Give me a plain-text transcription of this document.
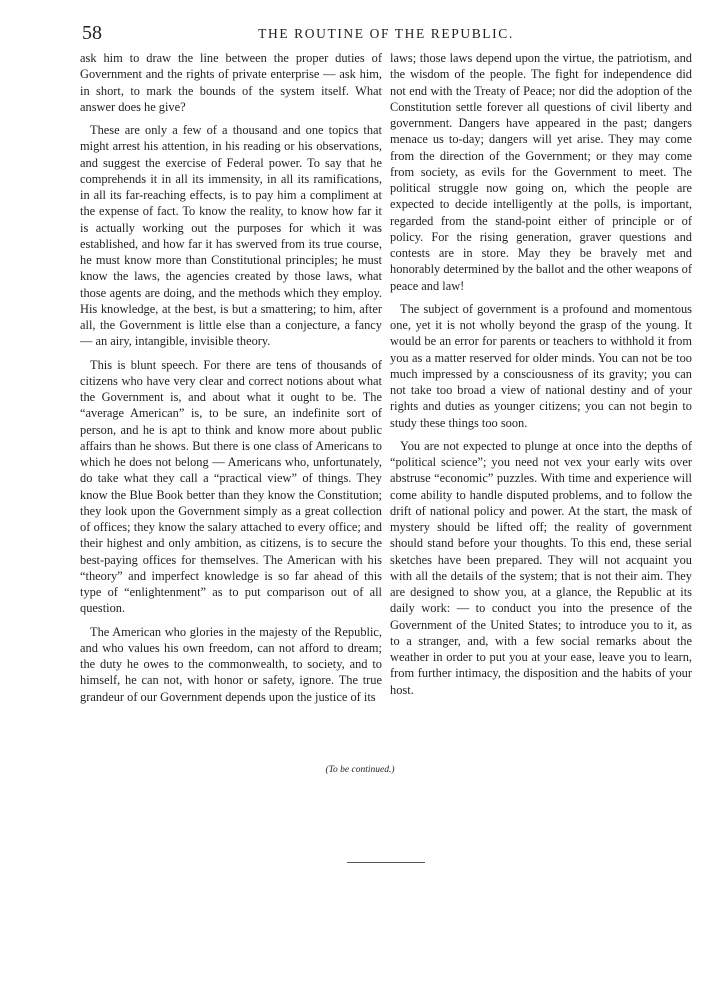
58	THE ROUTINE OF THE REPUBLIC.

ask him to draw the line between the proper duties of Government and the rights of private enterprise — ask him, in short, to mark the bounds of the system itself. What answer does he give?

These are only a few of a thousand and one topics that might arrest his attention, in his reading or his observations, and suggest the exercise of Federal power. To say that he comprehends it in all its immensity, in all its ramifications, in all its far-reaching effects, is to pay him a compliment at the expense of fact. To know the reality, to know how far it is actually working out the purposes for which it was established, and how far it has swerved from its true course, he must know more than Constitutional principles; he must know the laws, the agencies created by those laws, what those agents are doing, and the methods which they employ. His knowledge, at the best, is but a smattering; to him, after all, the Government is little else than a conjecture, a fancy — an airy, intangible, invisible theory.

This is blunt speech. For there are tens of thousands of citizens who have very clear and correct notions about what the Government is, and about what it ought to be. The “average American” is, to be sure, an indefinite sort of person, and he is apt to think and know more about public affairs than he shows. But there is one class of Americans to which he does not belong — Americans who, unfortunately, do take what they call a “practical view” of things. They know the Blue Book better than they know the Constitution; they look upon the Government simply as a great collection of offices; they know the salary attached to every office; and their highest and only ambition, as citizens, is to secure the best-paying offices for themselves. The American with his “theory” and imperfect knowledge is so far ahead of this type of “enlightenment” as to put comparison out of all question.

The American who glories in the majesty of the Republic, and who values his own freedom, can not afford to dream; the duty he owes to the commonwealth, to society, and to himself, he can not, with honor or safety, ignore. The true grandeur of our Government depends upon the justice of its

laws; those laws depend upon the virtue, the patriotism, and the wisdom of the people. The fight for independence did not end with the Treaty of Peace; nor did the adoption of the Constitution settle forever all questions of civil liberty and government. Dangers have appeared in the past; dangers menace us to-day; dangers will yet arise. They may come from the direction of the Government; or they may come from society, as evils for the Government to meet. The political struggle now going on, which the people are expected to decide intelligently at the polls, is important, regarded from the stand-point either of principle or of policy. For the rising generation, graver questions and contests are in store. May they be bravely met and honorably determined by the ballot and the other weapons of peace and law!

The subject of government is a profound and momentous one, yet it is not wholly beyond the grasp of the young. It would be an error for parents or teachers to withhold it from you as a matter reserved for older minds. You can not be too much impressed by a consciousness of its gravity; you can not take too broad a view of national destiny and of your rights and duties as younger citizens; you can not begin to study these things too soon.

You are not expected to plunge at once into the depths of “political science”; you need not vex your early wits over abstruse “economic” puzzles. With time and experience will come ability to handle disputed problems, and to follow the drift of national policy and power. At the start, the mask of mystery should be lifted off; the reality of government should stand before your thoughts. To this end, these serial sketches have been prepared. They will not acquaint you with all the details of the system; that is not their aim. They are designed to show you, at a glance, the Republic at its daily work: — to conduct you into the presence of the Government of the United States; to introduce you to it, as to a stranger, and, with a few social remarks about the weather in order to put you at your ease, leave you to learn, from further intimacy, the disposition and the habits of your host.

(To be continued.)
